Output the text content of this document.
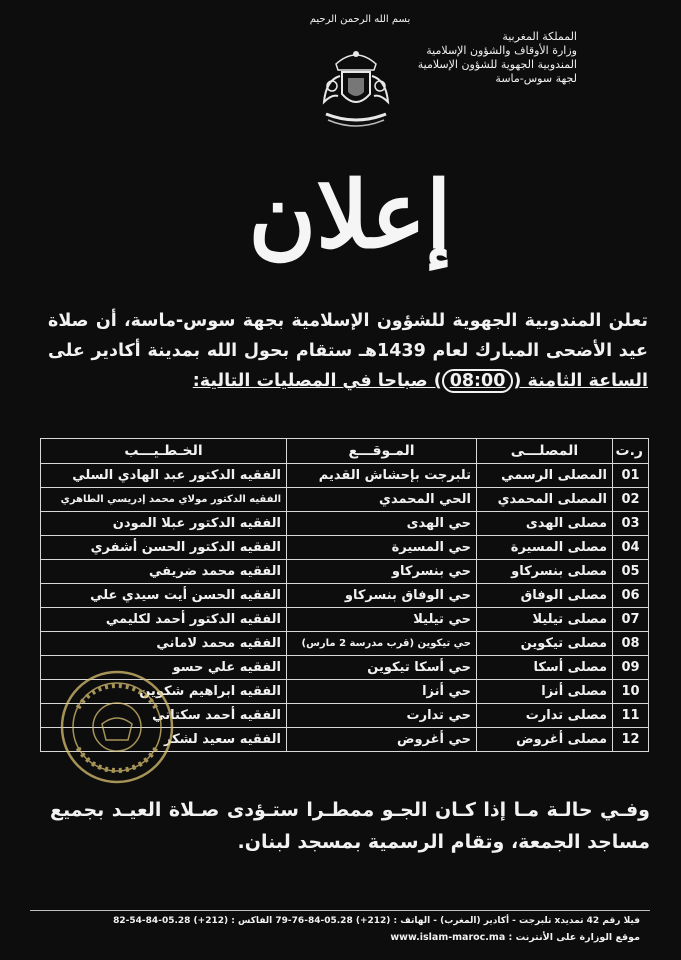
بسم الله الرحمن الرحيم
المملكة المغربية
وزارة الأوقاف والشؤون الإسلامية
المندوبية الجهوية للشؤون الإسلامية
لجهة سوس-ماسة
إعلان
تعلن المندوبية الجهوية للشؤون الإسلامية بجهة سوس-ماسة، أن صلاة عيد الأضحى المبارك لعام 1439هـ ستقام بحول الله بمدينة أكادير على الساعة الثامنة (08:00) صباحا في المصليات التالية:
ر.ت	المصلـــى	المـوقـــع	الخـطـيـــب
01	المصلى الرسمي	تلبرجت بإحشاش القديم	الفقيه الدكتور عبد الهادي السلي
02	المصلى المحمدي	الحي المحمدي	الفقيه الدكتور مولاي محمد إدريسي الطاهري
03	مصلى الهدى	حي الهدى	الفقيه الدكتور عبلا المودن
04	مصلى المسيرة	حي المسيرة	الفقيه الدكتور الحسن أشفري
05	مصلى بنسركاو	حي بنسركاو	الفقيه محمد ضريفي
06	مصلى الوفاق	حي الوفاق بنسركاو	الفقيه الحسن أيت سيدي علي
07	مصلى تيليلا	حي تيليلا	الفقيه الدكتور أحمد لكليمي
08	مصلى تيكوين	حي تيكوين (قرب مدرسة 2 مارس)	الفقيه محمد لاماني
09	مصلى أسكا	حي أسكا تيكوين	الفقيه علي حسو
10	مصلى أنزا	حي أنزا	الفقيه ابراهيم شكوين
11	مصلى تدارت	حي تدارت	الفقيه أحمد سكتاني
12	مصلى أغروض	حي أغروض	الفقيه سعيد لشكر
وفـي حالـة مـا إذا كـان الجـو ممطـرا ستـؤدى صـلاة العيـد بجميع مساجد الجمعة، وتقام الرسمية بمسجد لبنان.
فيلا رقم 42 تمديدx تلبرجت - أكادير (المغرب) - الهاتف : (212+) 05.28-84-76-79 الفاكس : (212+) 05.28-84-54-82
موقع الوزارة على الأنترنت : www.islam-maroc.ma
